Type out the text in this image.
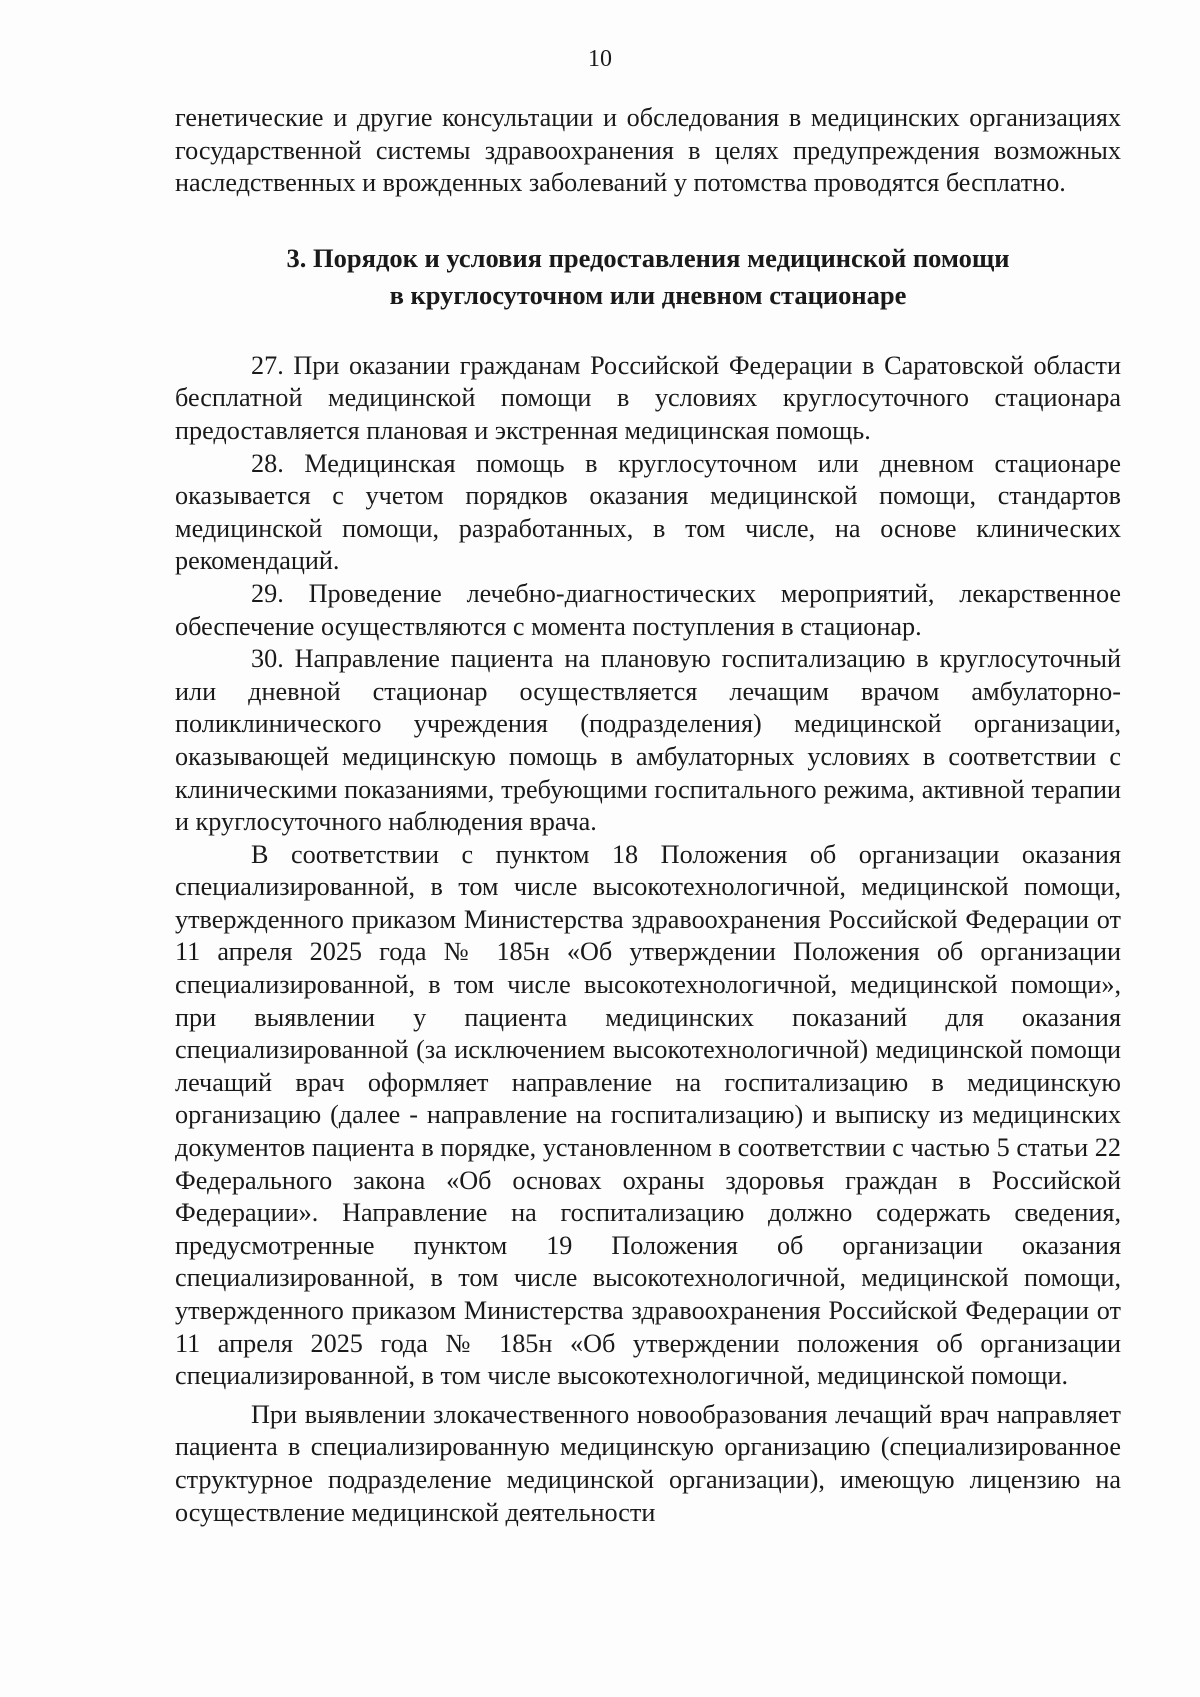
10

генетические и другие консультации и обследования в медицинских организациях государственной системы здравоохранения в целях предупреждения возможных наследственных и врожденных заболеваний у потомства проводятся бесплатно.

3. Порядок и условия предоставления медицинской помощи
в круглосуточном или дневном стационаре

27. При оказании гражданам Российской Федерации в Саратовской области бесплатной медицинской помощи в условиях круглосуточного стационара предоставляется плановая и экстренная медицинская помощь.

28. Медицинская помощь в круглосуточном или дневном стационаре оказывается с учетом порядков оказания медицинской помощи, стандартов медицинской помощи, разработанных, в том числе, на основе клинических рекомендаций.

29. Проведение лечебно-диагностических мероприятий, лекарственное обеспечение осуществляются с момента поступления в стационар.

30. Направление пациента на плановую госпитализацию в круглосуточный или дневной стационар осуществляется лечащим врачом амбулаторно-поликлинического учреждения (подразделения) медицинской организации, оказывающей медицинскую помощь в амбулаторных условиях в соответствии с клиническими показаниями, требующими госпитального режима, активной терапии и круглосуточного наблюдения врача.

В соответствии с пунктом 18 Положения об организации оказания специализированной, в том числе высокотехнологичной, медицинской помощи, утвержденного приказом Министерства здравоохранения Российской Федерации от 11 апреля 2025 года № 185н «Об утверждении Положения об организации специализированной, в том числе высокотехнологичной, медицинской помощи», при выявлении у пациента медицинских показаний для оказания специализированной (за исключением высокотехнологичной) медицинской помощи лечащий врач оформляет направление на госпитализацию в медицинскую организацию (далее - направление на госпитализацию) и выписку из медицинских документов пациента в порядке, установленном в соответствии с частью 5 статьи 22 Федерального закона «Об основах охраны здоровья граждан в Российской Федерации». Направление на госпитализацию должно содержать сведения, предусмотренные пунктом 19 Положения об организации оказания специализированной, в том числе высокотехнологичной, медицинской помощи, утвержденного приказом Министерства здравоохранения Российской Федерации от 11 апреля 2025 года № 185н «Об утверждении положения об организации специализированной, в том числе высокотехнологичной, медицинской помощи.

При выявлении злокачественного новообразования лечащий врач направляет пациента в специализированную медицинскую организацию (специализированное структурное подразделение медицинской организации), имеющую лицензию на осуществление медицинской деятельности
